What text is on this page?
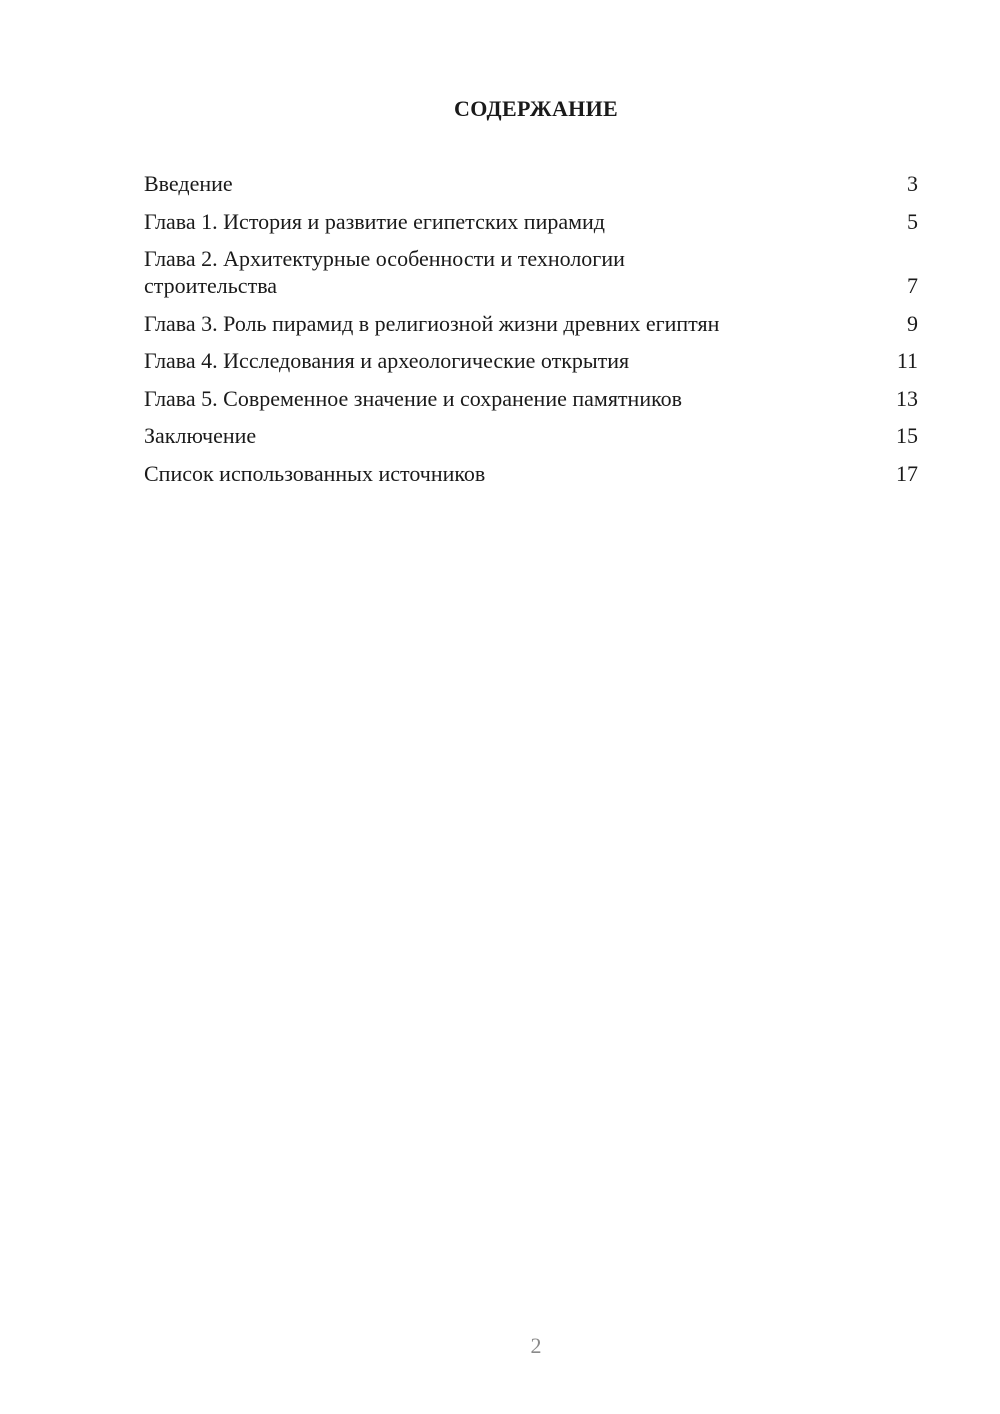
СОДЕРЖАНИЕ
Введение	3
Глава 1. История и развитие египетских пирамид	5
Глава 2. Архитектурные особенности и технологии строительства	7
Глава 3. Роль пирамид в религиозной жизни древних египтян	9
Глава 4. Исследования и археологические открытия	11
Глава 5. Современное значение и сохранение памятников	13
Заключение	15
Список использованных источников	17
2
